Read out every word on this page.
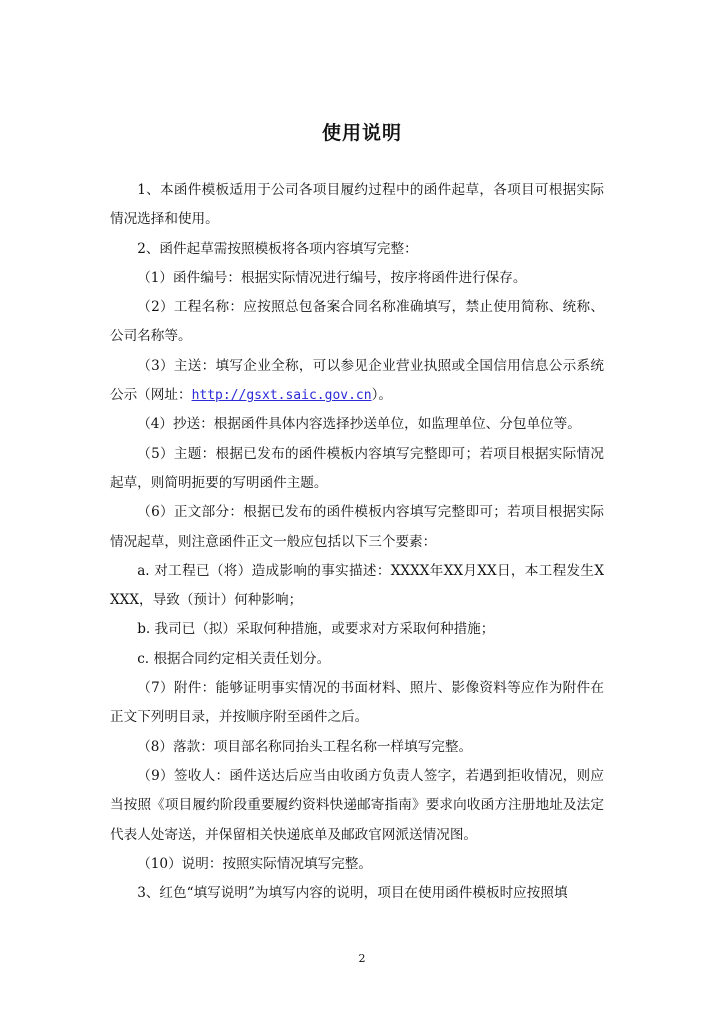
使用说明

1、本函件模板适用于公司各项目履约过程中的函件起草，各项目可根据实际情况选择和使用。

2、函件起草需按照模板将各项内容填写完整：

（1）函件编号：根据实际情况进行编号，按序将函件进行保存。

（2）工程名称：应按照总包备案合同名称准确填写，禁止使用简称、统称、公司名称等。

（3）主送：填写企业全称，可以参见企业营业执照或全国信用信息公示系统公示（网址：http://gsxt.saic.gov.cn）。

（4）抄送：根据函件具体内容选择抄送单位，如监理单位、分包单位等。

（5）主题：根据已发布的函件模板内容填写完整即可；若项目根据实际情况起草，则简明扼要的写明函件主题。

（6）正文部分：根据已发布的函件模板内容填写完整即可；若项目根据实际情况起草，则注意函件正文一般应包括以下三个要素：

a. 对工程已（将）造成影响的事实描述：XXXX年XX月XX日，本工程发生XXXX，导致（预计）何种影响；

b. 我司已（拟）采取何种措施，或要求对方采取何种措施；

c. 根据合同约定相关责任划分。

（7）附件：能够证明事实情况的书面材料、照片、影像资料等应作为附件在正文下列明目录，并按顺序附至函件之后。

（8）落款：项目部名称同抬头工程名称一样填写完整。

（9）签收人：函件送达后应当由收函方负责人签字，若遇到拒收情况，则应当按照《项目履约阶段重要履约资料快递邮寄指南》要求向收函方注册地址及法定代表人处寄送，并保留相关快递底单及邮政官网派送情况图。

（10）说明：按照实际情况填写完整。

3、红色“填写说明”为填写内容的说明，项目在使用函件模板时应按照填

2
